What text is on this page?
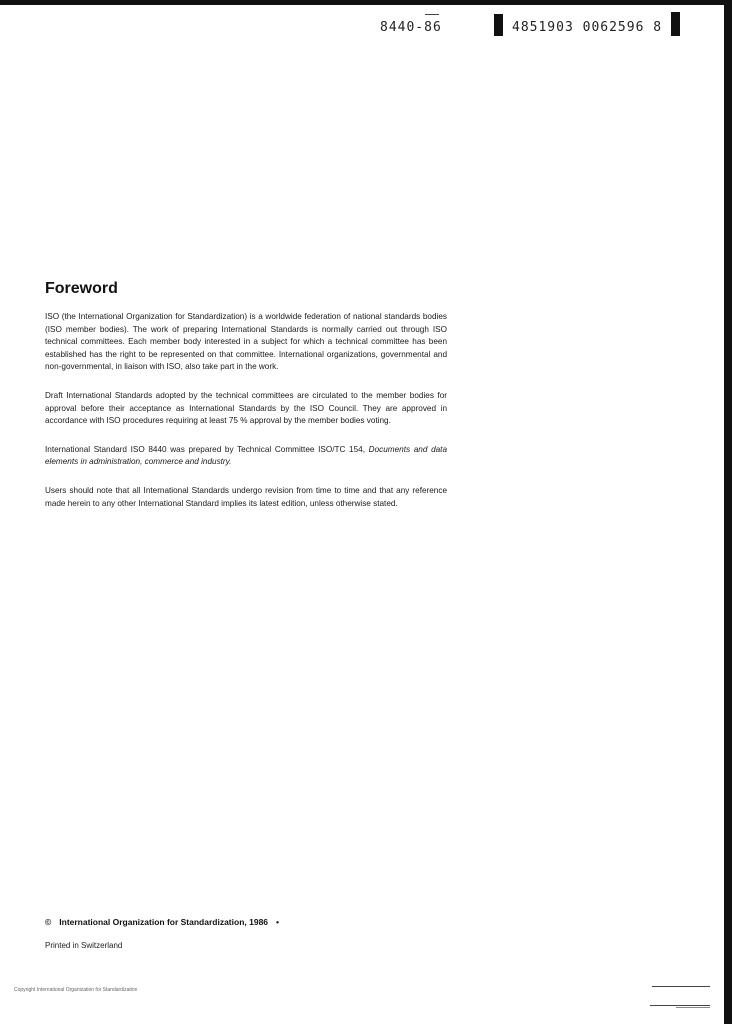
8440-86	4851903 0062596 8
Foreword

ISO (the International Organization for Standardization) is a worldwide federation of national standards bodies (ISO member bodies). The work of preparing International Standards is normally carried out through ISO technical committees. Each member body interested in a subject for which a technical committee has been established has the right to be represented on that committee. International organizations, governmental and non-governmental, in liaison with ISO, also take part in the work.

Draft International Standards adopted by the technical committees are circulated to the member bodies for approval before their acceptance as International Standards by the ISO Council. They are approved in accordance with ISO procedures requiring at least 75 % approval by the member bodies voting.

International Standard ISO 8440 was prepared by Technical Committee ISO/TC 154, Documents and data elements in administration, commerce and industry.

Users should note that all International Standards undergo revision from time to time and that any reference made herein to any other International Standard implies its latest edition, unless otherwise stated.

© International Organization for Standardization, 1986 •
Printed in Switzerland
Copyright International Organization for Standardization
